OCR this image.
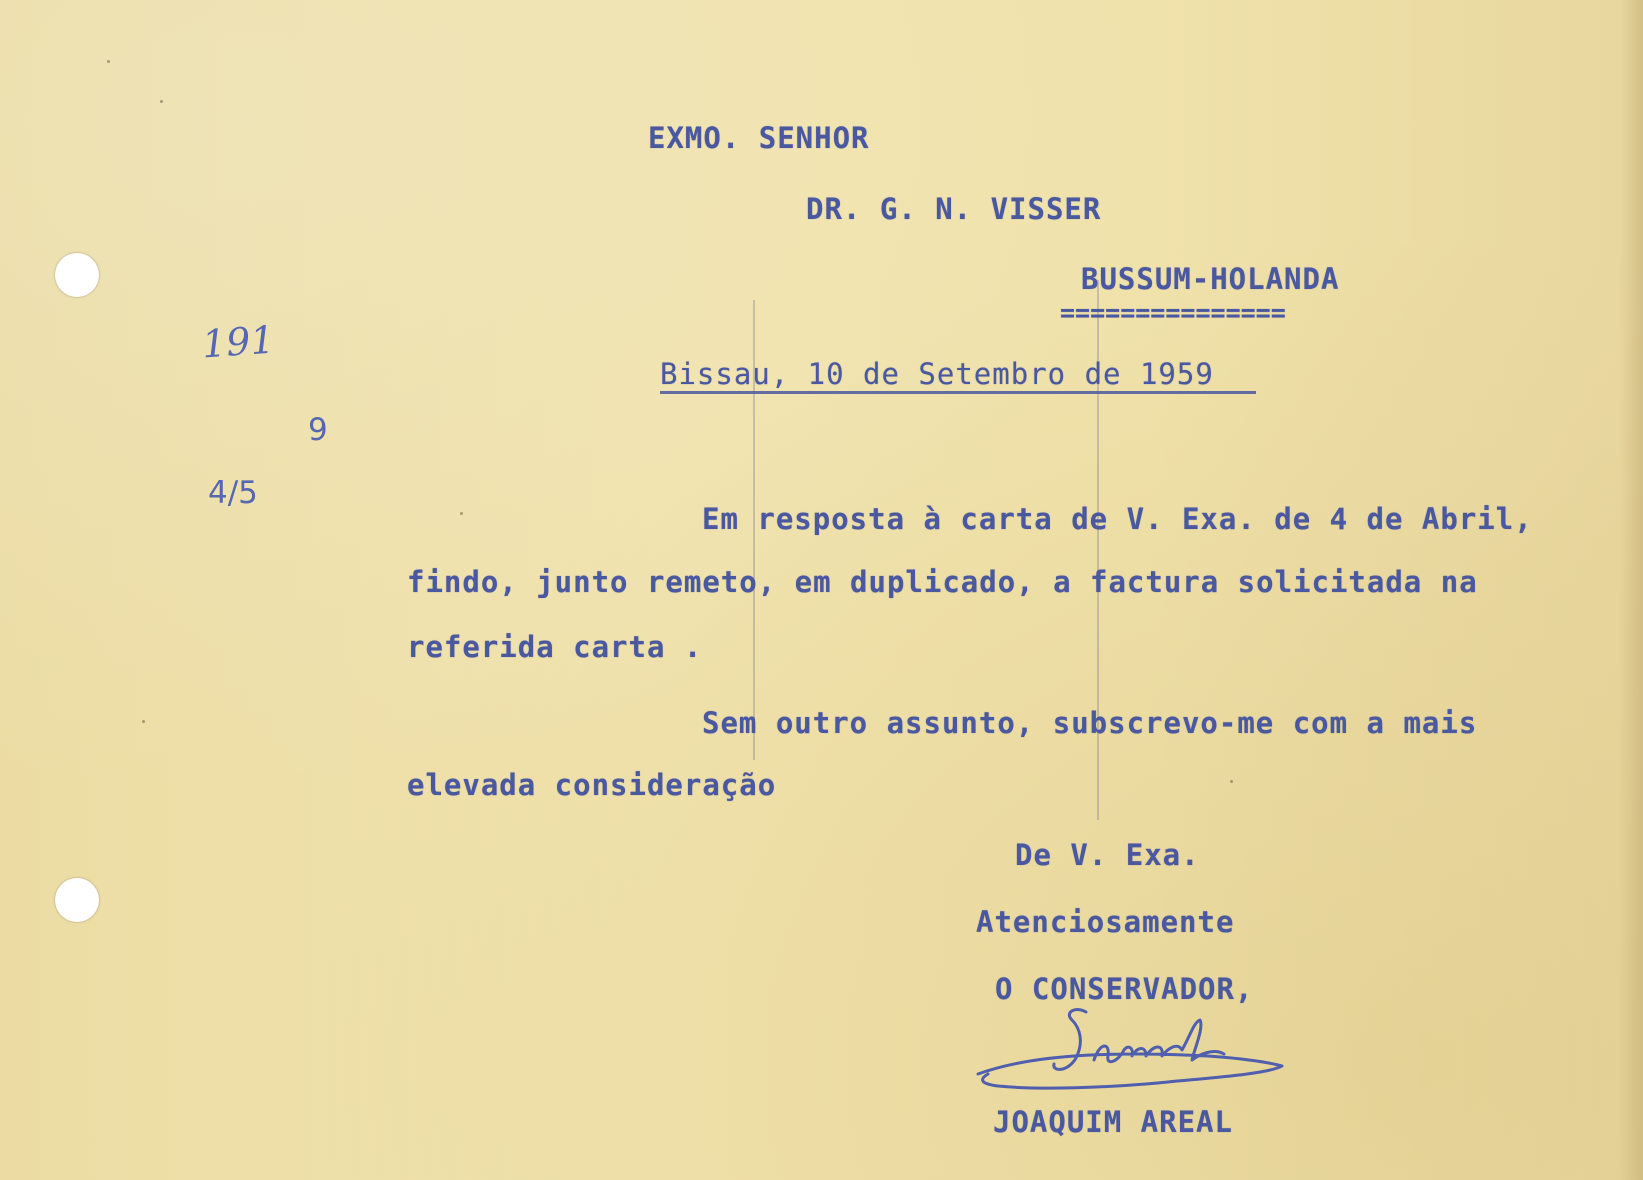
191

9

4/5

EXMO. SENHOR

DR. G. N. VISSER

BUSSUM-HOLANDA

===============

Bissau, 10 de Setembro de 1959

Em resposta à carta de V. Exa. de 4 de Abril,

findo, junto remeto, em duplicado, a factura solicitada na

referida carta .

Sem outro assunto, subscrevo-me com a mais

elevada consideração

De V. Exa.

Atenciosamente

O CONSERVADOR,

JOAQUIM AREAL
